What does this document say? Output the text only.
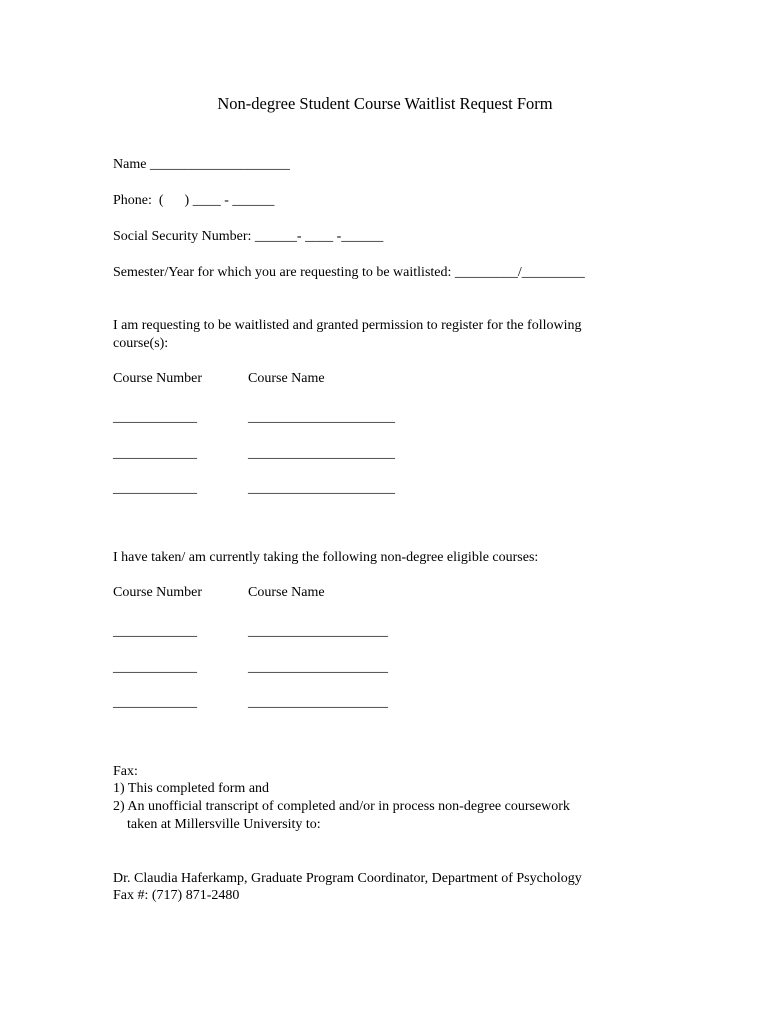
Non-degree Student Course Waitlist Request Form
Name ____________________
Phone:  (      ) ____ - ______
Social Security Number: ______- ____ -______
Semester/Year for which you are requesting to be waitlisted: _________/_________
I am requesting to be waitlisted and granted permission to register for the following
course(s):
Course Number	Course Name
____________	_____________________
____________	_____________________
____________	_____________________
I have taken/ am currently taking the following non-degree eligible courses:
Course Number	Course Name
____________	____________________
____________	____________________
____________	____________________
Fax:
1) This completed form and
2) An unofficial transcript of completed and/or in process non-degree coursework
taken at Millersville University to:
Dr. Claudia Haferkamp, Graduate Program Coordinator, Department of Psychology
Fax #: (717) 871-2480
